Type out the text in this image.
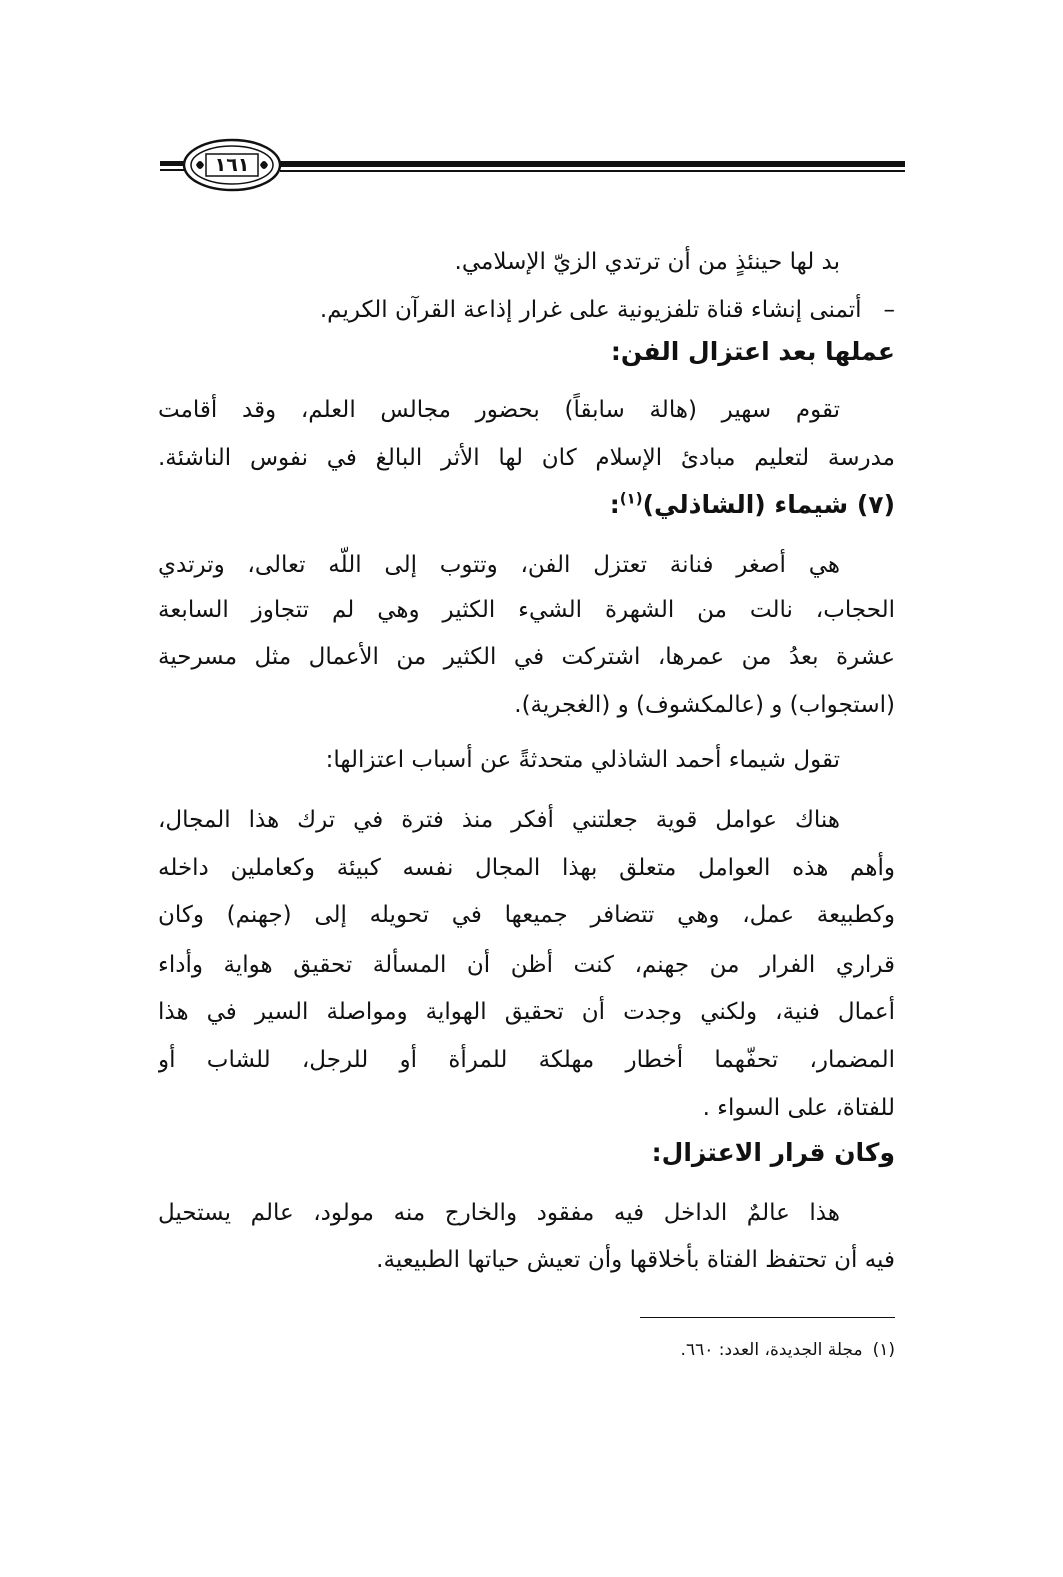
١٦١
بد لها حينئذٍ من أن ترتدي الزيّ الإسلامي.
–   أتمنى إنشاء قناة تلفزيونية على غرار إذاعة القرآن الكريم.
عملها بعد اعتزال الفن:
تقوم سهير (هالة سابقاً) بحضور مجالس العلم، وقد أقامت
مدرسة لتعليم مبادئ الإسلام كان لها الأثر البالغ في نفوس الناشئة.
(٧) شيماء (الشاذلي)$^{(١)}$:
هي أصغر فنانة تعتزل الفن، وتتوب إلى اللّه تعالى، وترتدي
الحجاب، نالت من الشهرة الشيء الكثير وهي لم تتجاوز السابعة
عشرة بعدُ من عمرها، اشتركت في الكثير من الأعمال مثل مسرحية
(استجواب) و (عالمكشوف) و (الغجرية).
تقول شيماء أحمد الشاذلي متحدثةً عن أسباب اعتزالها:
هناك عوامل قوية جعلتني أفكر منذ فترة في ترك هذا المجال،
وأهم هذه العوامل متعلق بهذا المجال نفسه كبيئة وكعاملين داخله
وكطبيعة عمل، وهي تتضافر جميعها في تحويله إلى (جهنم) وكان
قراري الفرار من جهنم، كنت أظن أن المسألة تحقيق هواية وأداء
أعمال فنية، ولكني وجدت أن تحقيق الهواية ومواصلة السير في هذا
المضمار، تحفّهما أخطار مهلكة للمرأة أو للرجل، للشاب أو
للفتاة، على السواء .
وكان قرار الاعتزال:
هذا عالمٌ الداخل فيه مفقود والخارج منه مولود، عالم يستحيل
فيه أن تحتفظ الفتاة بأخلاقها وأن تعيش حياتها الطبيعية.
(١)مجلة الجديدة، العدد: ٦٦٠.
